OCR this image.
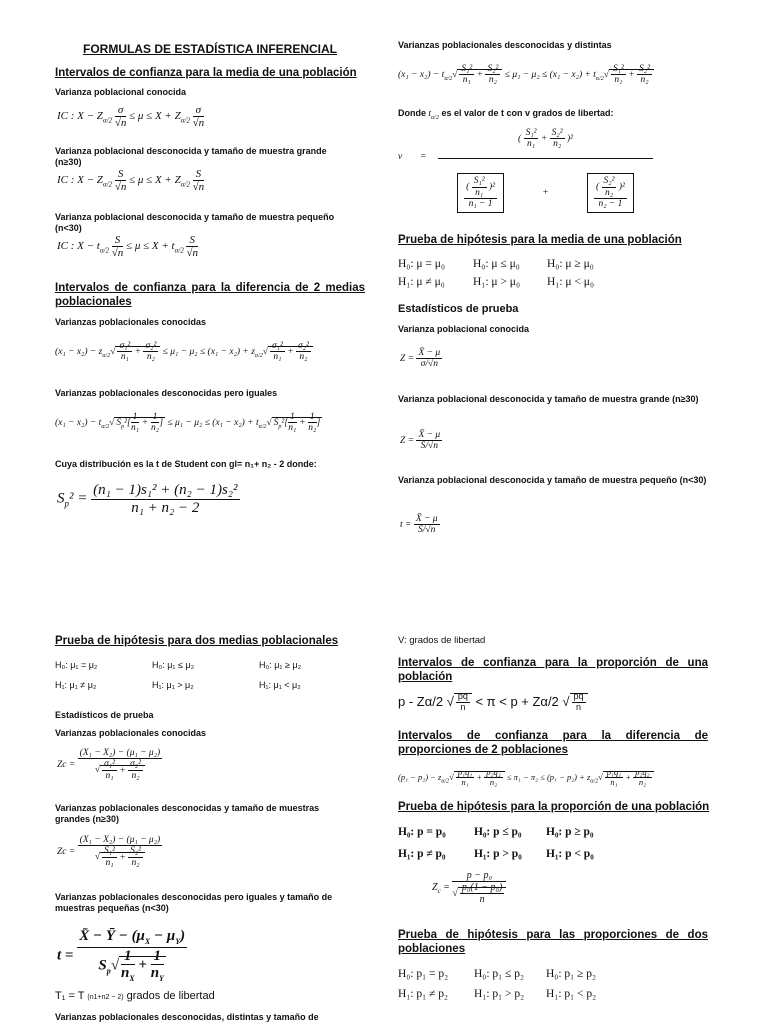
FORMULAS DE ESTADÍSTICA INFERENCIAL
Intervalos de confianza para la media de una población
Varianza poblacional conocida
IC : $X - Z_{\alpha/2} \frac{\sigma}{√n} \le \mu \le X + Z_{\alpha/2} \frac{\sigma}{√n}$
Varianza poblacional desconocida y tamaño de muestra grande (n≥30)
IC : $X - Z_{\alpha/2} \frac{S}{√n} \le \mu \le X + Z_{\alpha/2} \frac{S}{√n}$
Varianza poblacional desconocida y tamaño de muestra pequeño (n<30)
IC : $X - t_{\alpha/2} \frac{S}{√n} \le \mu \le X + t_{\alpha/2} \frac{S}{√n}$
Intervalos de confianza para la diferencia de 2 medias poblacionales
Varianzas poblacionales conocidas
$(x_1 - x_2) - z_{\alpha/2}√ \frac{\text{σ₁²}}{\text{n₁}} + \frac{\text{σ₂²}}{\text{n₂}} \le \mu_1 - \mu_2 \le (x_1 - x_2) + z_{\alpha/2}√ \frac{\text{σ₁²}}{\text{n₁}} + \frac{\text{σ₂²}}{\text{n₂}}$
Varianzas poblacionales desconocidas pero iguales
$(x_1 - x_2) - t_{\alpha/2}√$ $S_p^2[ \frac{1}{\text{n₁}} + \frac{1}{\text{n₂}}$ ] ≤ $\mu_1 - \mu_2 \le (x_1 - x_2) + t_{\alpha/2}√$ $S_p^2[ \frac{1}{\text{n₁}} + \frac{1}{\text{n₂}}$ ]
Cuya distribución es la t de Student con gl= n₁+ n₂ - 2 donde:
$S_p^2 = \frac{\text{(n₁ − 1)s₁² + (n₂ − 1)s₂²}}{\text{n₁ + n₂ − 2}}$
Prueba de hipótesis para dos medias poblacionales
H₀: μ₁ = μ₂	H₀: μ₁ ≤ μ₂	H₀: μ₁ ≥ μ₂
H₁: μ₁ ≠ μ₂	H₁: μ₁ > μ₂	H₁: μ₁ < μ₂
Estadísticos de prueba
Varianzas poblacionales conocidas
$Zc = \frac{\text{(X₁ − X₂) − (μ₁ − μ₂)}}{√ \frac{\text{σ₁²}}{\text{n₁}} + \frac{\text{σ₂²}}{\text{n₂}}}$
Varianzas poblacionales desconocidas y tamaño de muestras grandes (n≥30)
$Zc = \frac{\text{(X₁ − X₂) − (μ₁ − μ₂)}}{√ \frac{\text{S₁²}}{\text{n₁}} + \frac{\text{S₂²}}{\text{n₂}}}$
Varianzas poblacionales desconocidas pero iguales y tamaño de muestras pequeñas (n<30)
$t = \frac{X̄ - Ȳ - (\mu_X - \mu_Y)}{S_p√ \frac{1}{n_X} + \frac{1}{n_Y}}$
T₁ = T (n1+n2 − 2) grados de libertad
Varianzas poblacionales desconocidas, distintas y tamaño de
Varianzas poblacionales desconocidas y distintas
$(x_1 - x_2) - t_{\alpha/2}√ \frac{\text{S₁²}}{\text{n₁}} + \frac{\text{S₂²}}{\text{n₂}} \le \mu_1 - \mu_2 \le (x_1 - x_2) + t_{\alpha/2}√ \frac{\text{S₁²}}{\text{n₁}} + \frac{\text{S₂²}}{\text{n₂}}$
Donde $t_{\alpha/2}$ es el valor de t con v grados de libertad:
v =
( $\frac{\text{S₁²}}{\text{n₁}} + \frac{\text{S₂²}}{\text{n₂}} )^2$
$\frac{( \frac{\text{S₁²}}{\text{n₁}} )^2}{\text{n₁ − 1}}$	+	$\frac{( \frac{\text{S₂²}}{\text{n₂}} )^2}{\text{n₂ − 1}}$
Prueba de hipótesis para la media de una población
H₀: μ = μ₀ H₀: μ ≤ μ₀ H₀: μ ≥ μ₀
H₁: μ ≠ μ₀ H₁: μ > μ₀ H₁: μ < μ₀
Estadísticos de prueba
Varianza poblacional conocida
$Z = \frac{X̄ - \mu}{\sigma/√n}$
Varianza poblacional desconocida y tamaño de muestra grande (n≥30)
$Z = \frac{X̄ - \mu}{S/√n}$
Varianza poblacional desconocida y tamaño de muestra pequeño (n<30)
$t = \frac{X̄ - \mu}{S/√n}$
V: grados de libertad
Intervalos de confianza para la proporción de una población
p - Zα/2 √ $\frac{pq}{n} < \pi < p + Z\alpha/2$ √ $\frac{pq}{n}$
Intervalos de confianza para la diferencia de proporciones de 2 poblaciones
$(p_1 - p_2) - z_{\alpha/2}√ \frac{\text{p₁q₁}}{\text{n₁}} + \frac{\text{p₂q₂}}{\text{n₂}} \le \pi_1 - \pi_2 \le (p_1 - p_2) + z_{\alpha/2}√ \frac{\text{p₁q₁}}{\text{n₁}} + \frac{\text{p₂q₂}}{\text{n₂}}$
Prueba de hipótesis para la proporción de una población
H₀: p = p₀ H₀: p ≤ p₀ H₀: p ≥ p₀
H₁: p ≠ p₀ H₁: p > p₀ H₁: p < p₀
$Z_c = \frac{\text{p − p₀}}{√ \frac{\text{p₀(1 − p₀)}}{n}}$
Prueba de hipótesis para las proporciones de dos poblaciones
H₀: p₁ = p₂ H₀: p₁ ≤ p₂ H₀: p₁ ≥ p₂
H₁: p₁ ≠ p₂ H₁: p₁ > p₂ H₁: p₁ < p₂
